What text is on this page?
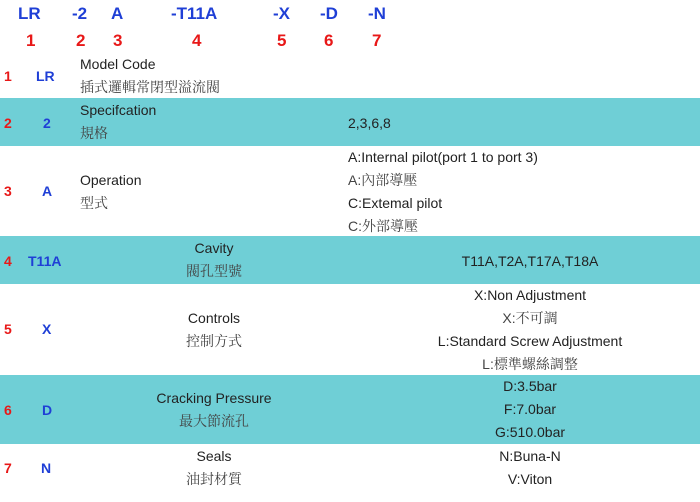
LR -2 A	-T11A	-X -D -N
1 2 3	4	5 6 7
1 LR
Model Code
插式邏輯常閉型溢流閥
2 2
Specifcation
規格
2,3,6,8
3 A
Operation
型式
A:Internal pilot(port 1 to port 3)
A:內部導壓
C:Extemal pilot
C:外部導壓
4 T11A
Cavity
閥孔型號
T11A,T2A,T17A,T18A
5 X
Controls
控制方式
X:Non Adjustment
X:不可調
L:Standard Screw Adjustment
L:標準螺絲調整
6 D
Cracking Pressure
最大節流孔
D:3.5bar
F:7.0bar
G:510.0bar
7 N
Seals
油封材質
N:Buna-N
V:Viton
